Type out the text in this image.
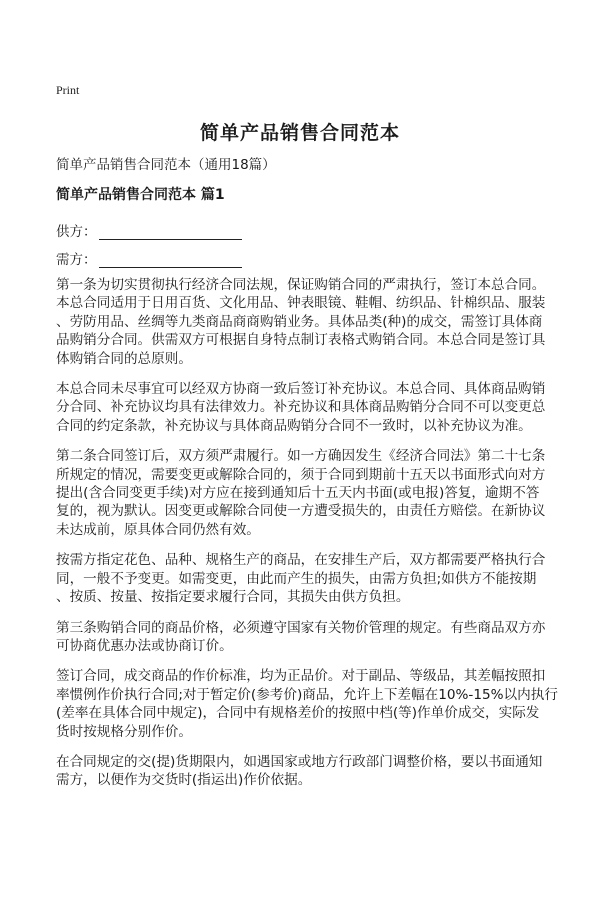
Print
简单产品销售合同范本
简单产品销售合同范本（通用18篇）
简单产品销售合同范本 篇1
供方：
需方：
第一条为切实贯彻执行经济合同法规，保证购销合同的严肃执行，签订本总合同。
本总合同适用于日用百货、文化用品、钟表眼镜、鞋帽、纺织品、针棉织品、服装
、劳防用品、丝绸等九类商品商商购销业务。具体品类(种)的成交，需签订具体商
品购销分合同。供需双方可根据自身特点制订表格式购销合同。本总合同是签订具
体购销合同的总原则。
本总合同未尽事宜可以经双方协商一致后签订补充协议。本总合同、具体商品购销
分合同、补充协议均具有法律效力。补充协议和具体商品购销分合同不可以变更总
合同的约定条款，补充协议与具体商品购销分合同不一致时，以补充协议为准。
第二条合同签订后，双方须严肃履行。如一方确因发生《经济合同法》第二十七条
所规定的情况，需要变更或解除合同的，须于合同到期前十五天以书面形式向对方
提出(含合同变更手续)对方应在接到通知后十五天内书面(或电报)答复，逾期不答
复的，视为默认。因变更或解除合同使一方遭受损失的，由责任方赔偿。在新协议
未达成前，原具体合同仍然有效。
按需方指定花色、品种、规格生产的商品，在安排生产后，双方都需要严格执行合
同，一般不予变更。如需变更，由此而产生的损失，由需方负担;如供方不能按期
、按质、按量、按指定要求履行合同，其损失由供方负担。
第三条购销合同的商品价格，必须遵守国家有关物价管理的规定。有些商品双方亦
可协商优惠办法或协商订价。
签订合同，成交商品的作价标准，均为正品价。对于副品、等级品，其差幅按照扣
率惯例作价执行合同;对于暂定价(参考价)商品，允许上下差幅在10%-15%以内执行
(差率在具体合同中规定)，合同中有规格差价的按照中档(等)作单价成交，实际发
货时按规格分别作价。
在合同规定的交(提)货期限内，如遇国家或地方行政部门调整价格，要以书面通知
需方，以便作为交货时(指运出)作价依据。
